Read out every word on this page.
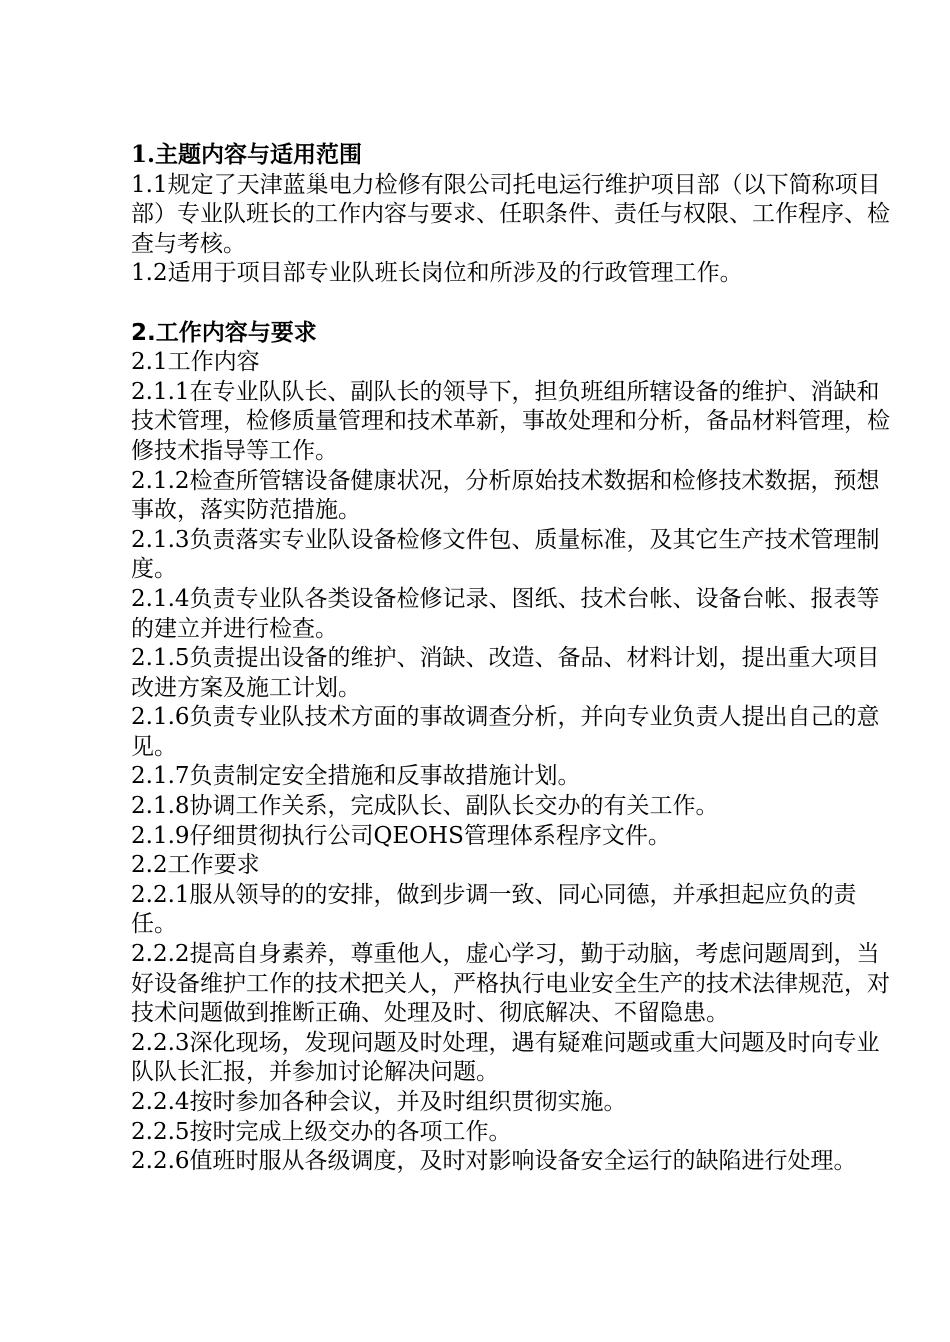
1.主题内容与适用范围

1.1规定了天津蓝巢电力检修有限公司托电运行维护项目部（以下简称项目部）专业队班长的工作内容与要求、任职条件、责任与权限、工作程序、检查与考核。

1.2适用于项目部专业队班长岗位和所涉及的行政管理工作。

2.工作内容与要求

2.1工作内容

2.1.1在专业队队长、副队长的领导下，担负班组所辖设备的维护、消缺和技术管理，检修质量管理和技术革新，事故处理和分析，备品材料管理，检修技术指导等工作。

2.1.2检查所管辖设备健康状况，分析原始技术数据和检修技术数据，预想事故，落实防范措施。

2.1.3负责落实专业队设备检修文件包、质量标准，及其它生产技术管理制度。

2.1.4负责专业队各类设备检修记录、图纸、技术台帐、设备台帐、报表等的建立并进行检查。

2.1.5负责提出设备的维护、消缺、改造、备品、材料计划，提出重大项目改进方案及施工计划。

2.1.6负责专业队技术方面的事故调查分析，并向专业负责人提出自己的意见。

2.1.7负责制定安全措施和反事故措施计划。

2.1.8协调工作关系，完成队长、副队长交办的有关工作。

2.1.9仔细贯彻执行公司QEOHS管理体系程序文件。

2.2工作要求

2.2.1服从领导的的安排，做到步调一致、同心同德，并承担起应负的责任。

2.2.2提高自身素养，尊重他人，虚心学习，勤于动脑，考虑问题周到，当好设备维护工作的技术把关人，严格执行电业安全生产的技术法律规范，对技术问题做到推断正确、处理及时、彻底解决、不留隐患。

2.2.3深化现场，发现问题及时处理，遇有疑难问题或重大问题及时向专业队队长汇报，并参加讨论解决问题。

2.2.4按时参加各种会议，并及时组织贯彻实施。

2.2.5按时完成上级交办的各项工作。

2.2.6值班时服从各级调度，及时对影响设备安全运行的缺陷进行处理。
